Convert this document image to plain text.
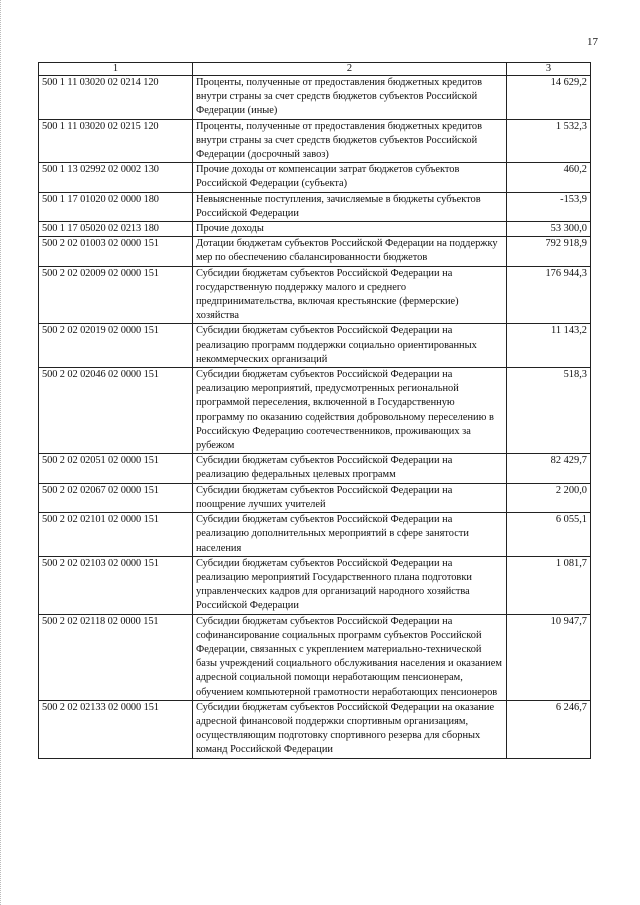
17
1	2	3
500 1 11 03020 02 0214 120	Проценты, полученные от предоставления бюджетных кредитов внутри страны за счет средств бюджетов субъектов Российской Федерации (иные)	14 629,2
500 1 11 03020 02 0215 120	Проценты, полученные от предоставления бюджетных кредитов внутри страны за счет средств бюджетов субъектов Российской Федерации (досрочный завоз)	1 532,3
500 1 13 02992 02 0002 130	Прочие доходы от компенсации затрат бюджетов субъектов Российской Федерации (субъекта)	460,2
500 1 17 01020 02 0000 180	Невыясненные поступления, зачисляемые в бюджеты субъектов Российской Федерации	-153,9
500 1 17 05020 02 0213 180	Прочие доходы	53 300,0
500 2 02 01003 02 0000 151	Дотации бюджетам субъектов Российской Федерации на поддержку мер по обеспечению сбалансированности бюджетов	792 918,9
500 2 02 02009 02 0000 151	Субсидии бюджетам субъектов Российской Федерации на государственную поддержку малого и среднего предпринимательства, включая крестьянские (фермерские) хозяйства	176 944,3
500 2 02 02019 02 0000 151	Субсидии бюджетам субъектов Российской Федерации на реализацию программ поддержки социально ориентированных некоммерческих организаций	11 143,2
500 2 02 02046 02 0000 151	Субсидии бюджетам субъектов Российской Федерации на реализацию мероприятий, предусмотренных региональной программой переселения, включенной в Государственную программу по оказанию содействия добровольному переселению в Российскую Федерацию соотечественников, проживающих за рубежом	518,3
500 2 02 02051 02 0000 151	Субсидии бюджетам субъектов Российской Федерации на реализацию федеральных целевых программ	82 429,7
500 2 02 02067 02 0000 151	Субсидии бюджетам субъектов Российской Федерации на поощрение лучших учителей	2 200,0
500 2 02 02101 02 0000 151	Субсидии бюджетам субъектов Российской Федерации на реализацию дополнительных мероприятий в сфере занятости населения	6 055,1
500 2 02 02103 02 0000 151	Субсидии бюджетам субъектов Российской Федерации на реализацию мероприятий Государственного плана подготовки управленческих кадров для организаций народного хозяйства Российской Федерации	1 081,7
500 2 02 02118 02 0000 151	Субсидии бюджетам субъектов Российской Федерации на софинансирование социальных программ субъектов Российской Федерации, связанных с укреплением материально-технической базы учреждений социального обслуживания населения и оказанием адресной социальной помощи неработающим пенсионерам, обучением компьютерной грамотности неработающих пенсионеров	10 947,7
500 2 02 02133 02 0000 151	Субсидии бюджетам субъектов Российской Федерации на оказание адресной финансовой поддержки спортивным организациям, осуществляющим подготовку спортивного резерва для сборных команд Российской Федерации	6 246,7
